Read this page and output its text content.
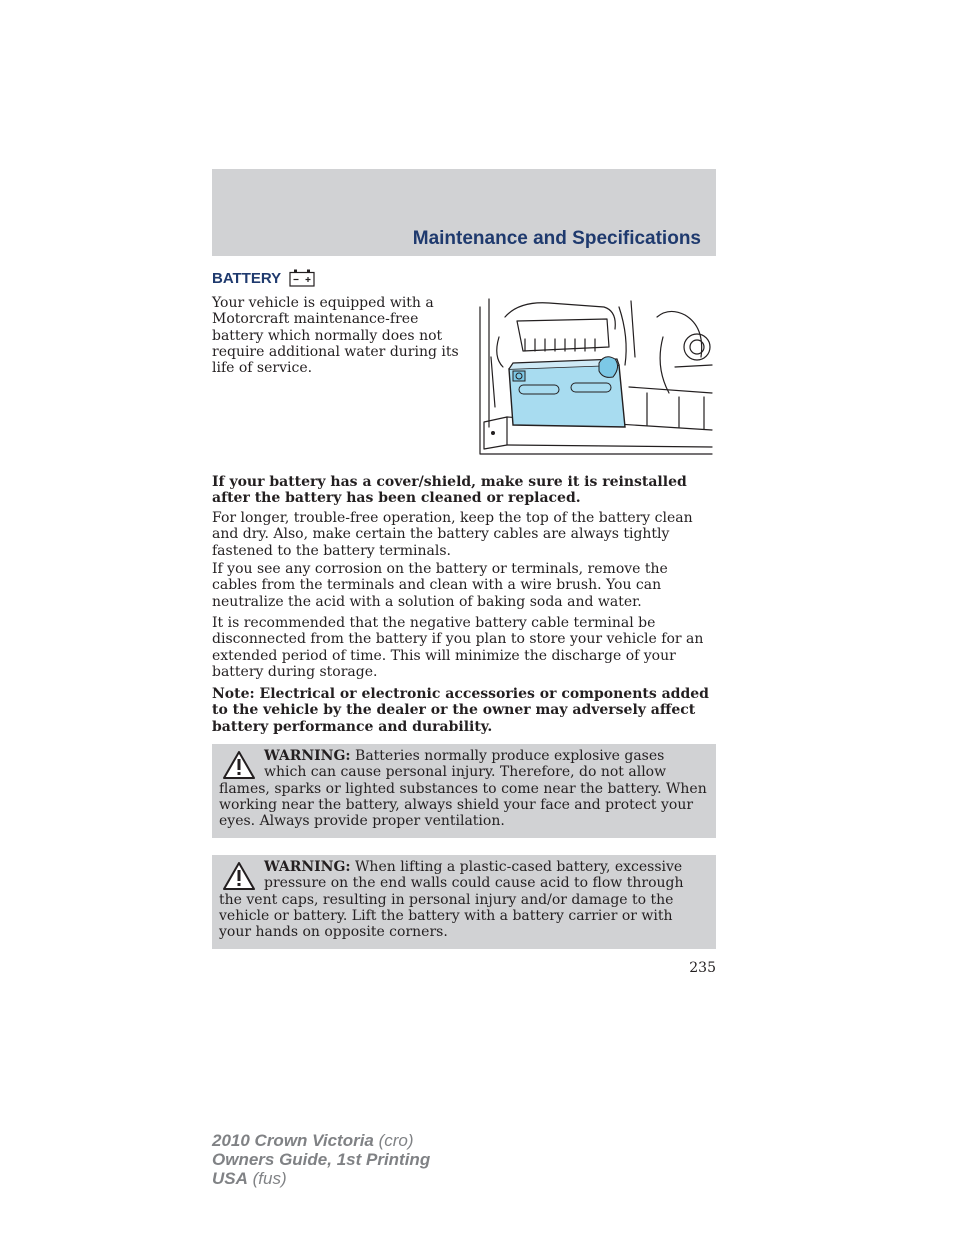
Maintenance and Specifications
BATTERY
Your vehicle is equipped with a Motorcraft maintenance-free battery which normally does not require additional water during its life of service.

If your battery has a cover/shield, make sure it is reinstalled after the battery has been cleaned or replaced.

For longer, trouble-free operation, keep the top of the battery clean and dry. Also, make certain the battery cables are always tightly fastened to the battery terminals.

If you see any corrosion on the battery or terminals, remove the cables from the terminals and clean with a wire brush. You can neutralize the acid with a solution of baking soda and water.

It is recommended that the negative battery cable terminal be disconnected from the battery if you plan to store your vehicle for an extended period of time. This will minimize the discharge of your battery during storage.

Note: Electrical or electronic accessories or components added to the vehicle by the dealer or the owner may adversely affect battery performance and durability.

WARNING: Batteries normally produce explosive gases which can cause personal injury. Therefore, do not allow flames, sparks or lighted substances to come near the battery. When working near the battery, always shield your face and protect your eyes. Always provide proper ventilation.
WARNING: When lifting a plastic-cased battery, excessive pressure on the end walls could cause acid to flow through the vent caps, resulting in personal injury and/or damage to the vehicle or battery. Lift the battery with a battery carrier or with your hands on opposite corners.
235
2010 Crown Victoria (cro)
Owners Guide, 1st Printing
USA (fus)
